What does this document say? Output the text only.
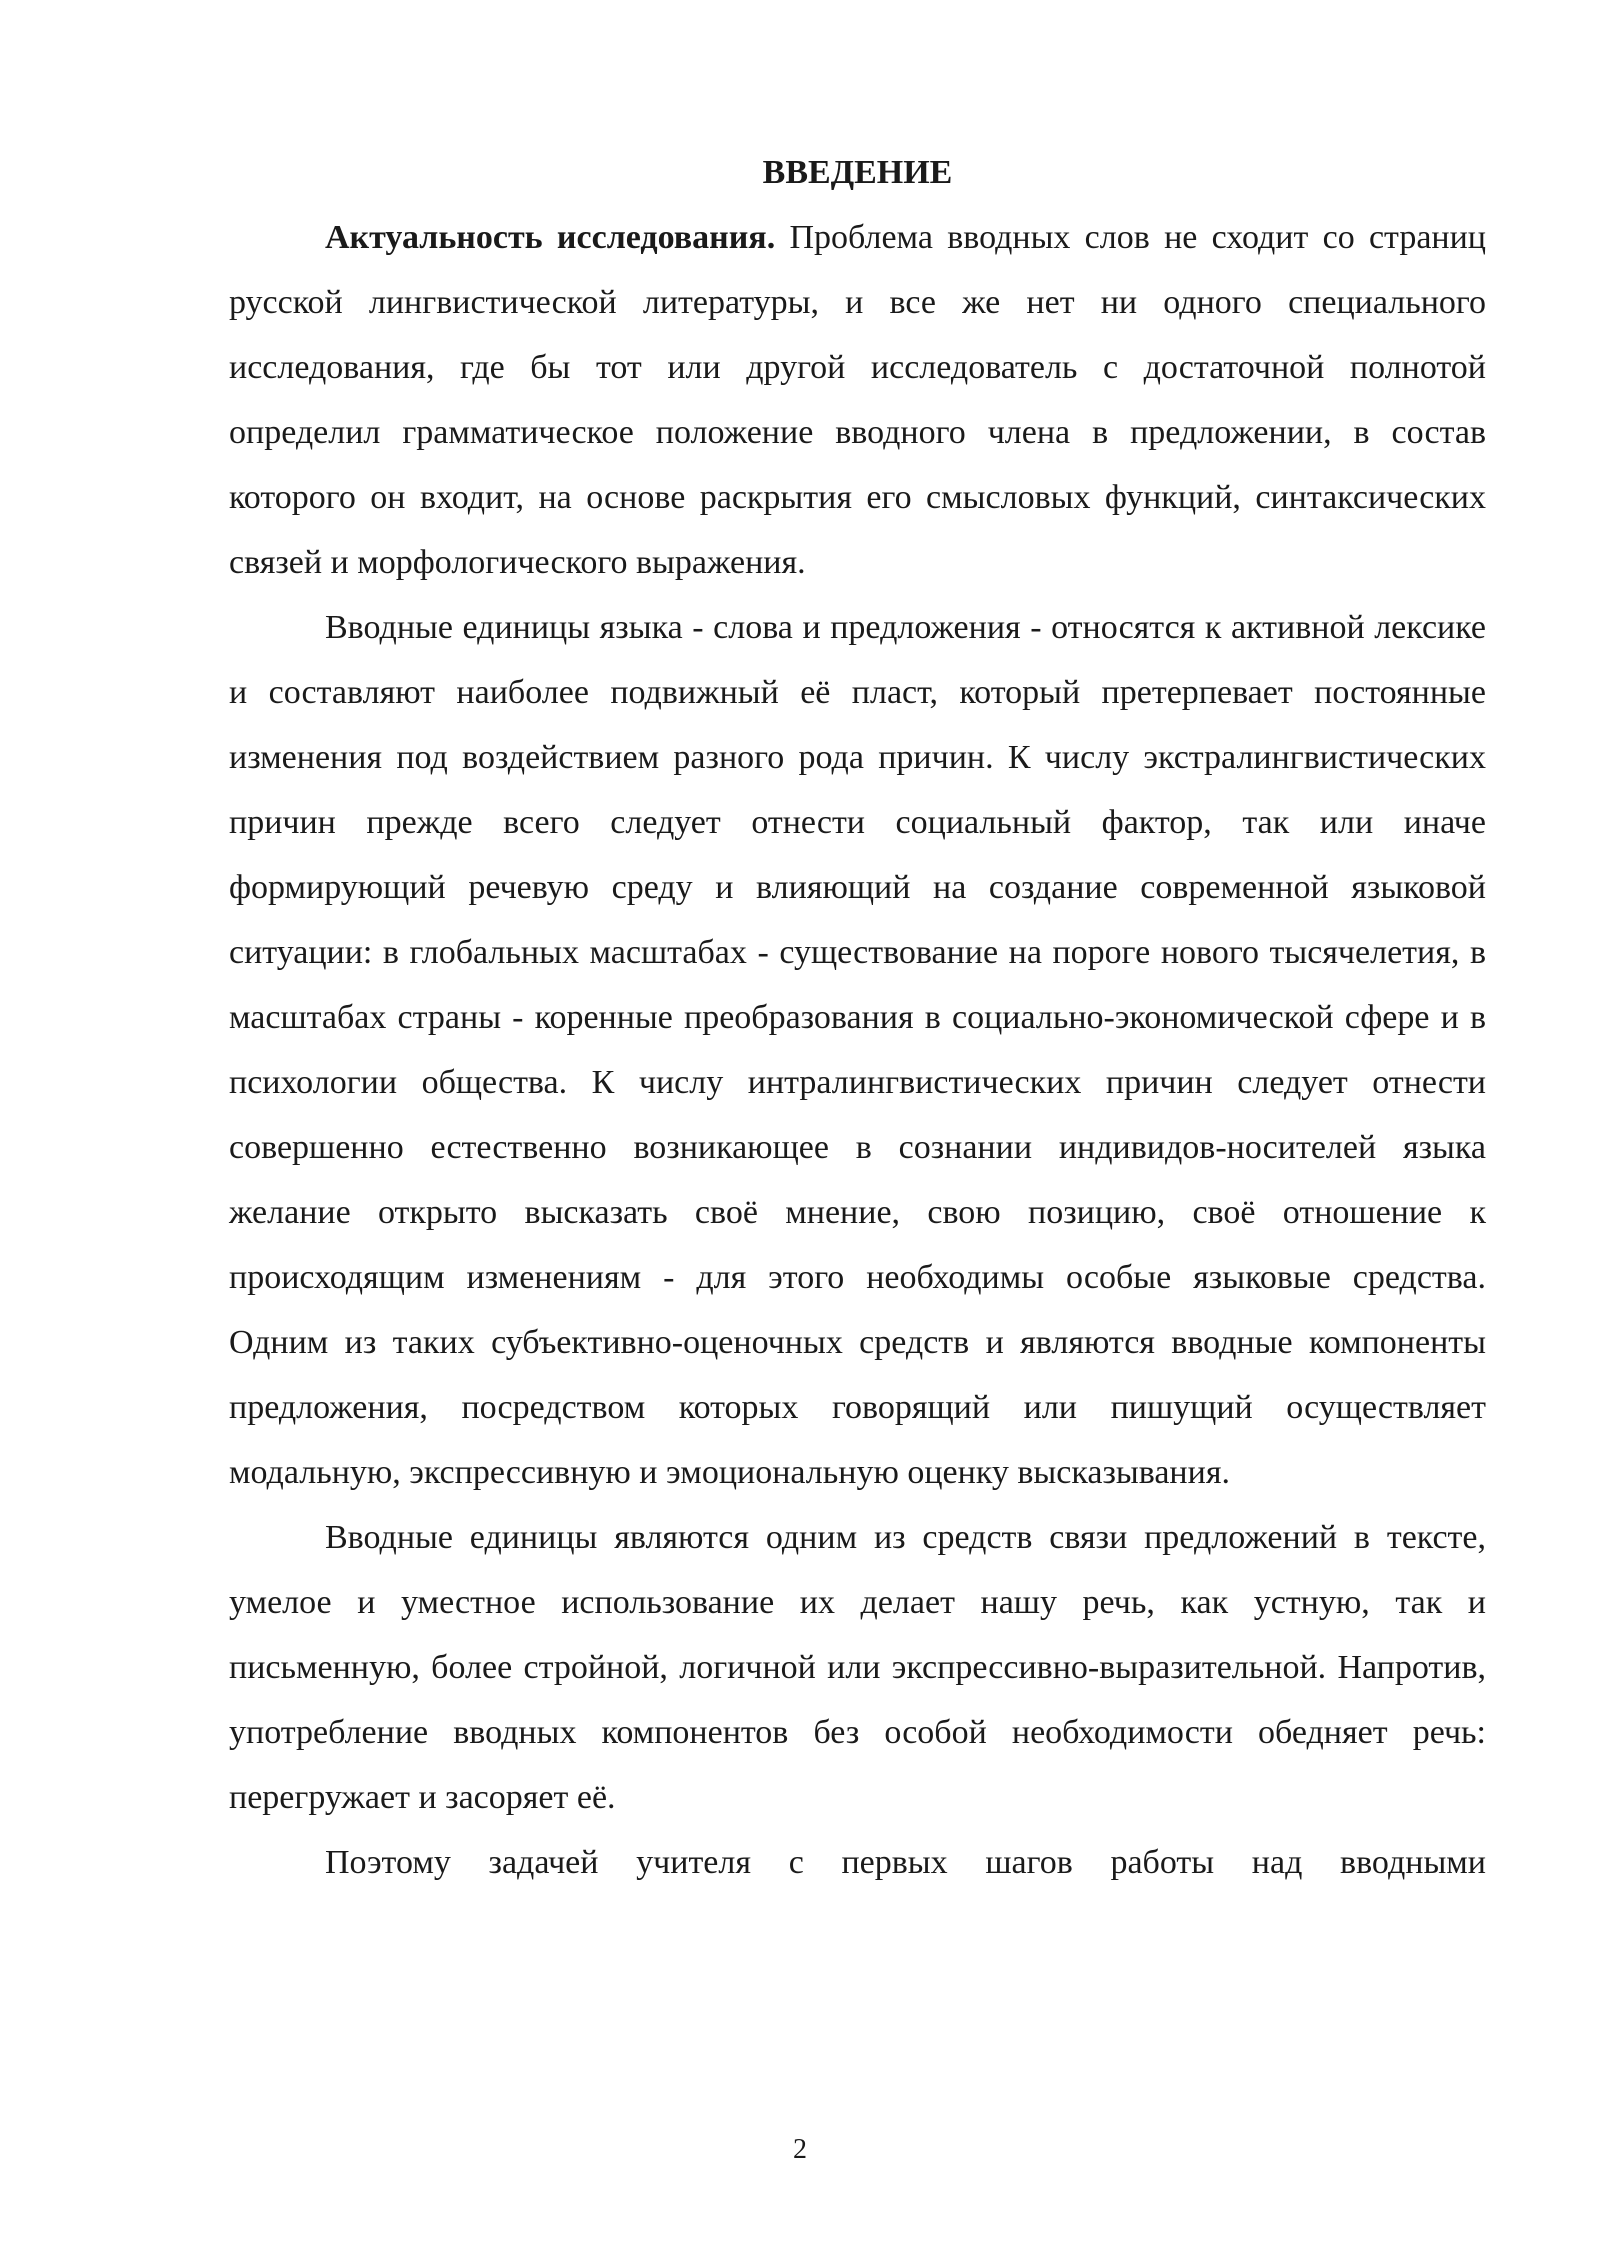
ВВЕДЕНИЕ

Актуальность исследования. Проблема вводных слов не сходит со страниц русской лингвистической литературы, и все же нет ни одного специального исследования, где бы тот или другой исследователь с достаточной полнотой определил грамматическое положение вводного члена в предложении, в состав которого он входит, на основе раскрытия его смысловых функций, синтаксических связей и морфологического выражения.

Вводные единицы языка - слова и предложения - относятся к активной лексике и составляют наиболее подвижный её пласт, который претерпевает постоянные изменения под воздействием разного рода причин. К числу экстралингвистических причин прежде всего следует отнести социальный фактор, так или иначе формирующий речевую среду и влияющий на создание современной языковой ситуации: в глобальных масштабах - существование на пороге нового тысячелетия, в масштабах страны - коренные преобразования в социально-экономической сфере и в психологии общества. К числу интралингвистических причин следует отнести совершенно естественно возникающее в сознании индивидов-носителей языка желание открыто высказать своё мнение, свою позицию, своё отношение к происходящим изменениям - для этого необходимы особые языковые средства. Одним из таких субъективно-оценочных средств и являются вводные компоненты предложения, посредством которых говорящий или пишущий осуществляет модальную, экспрессивную и эмоциональную оценку высказывания.

Вводные единицы являются одним из средств связи предложений в тексте, умелое и уместное использование их делает нашу речь, как устную, так и письменную, более стройной, логичной или экспрессивно-выразительной. Напротив, употребление вводных компонентов без особой необходимости обедняет речь: перегружает и засоряет её.

Поэтому задачей учителя с первых шагов работы над вводными

2
